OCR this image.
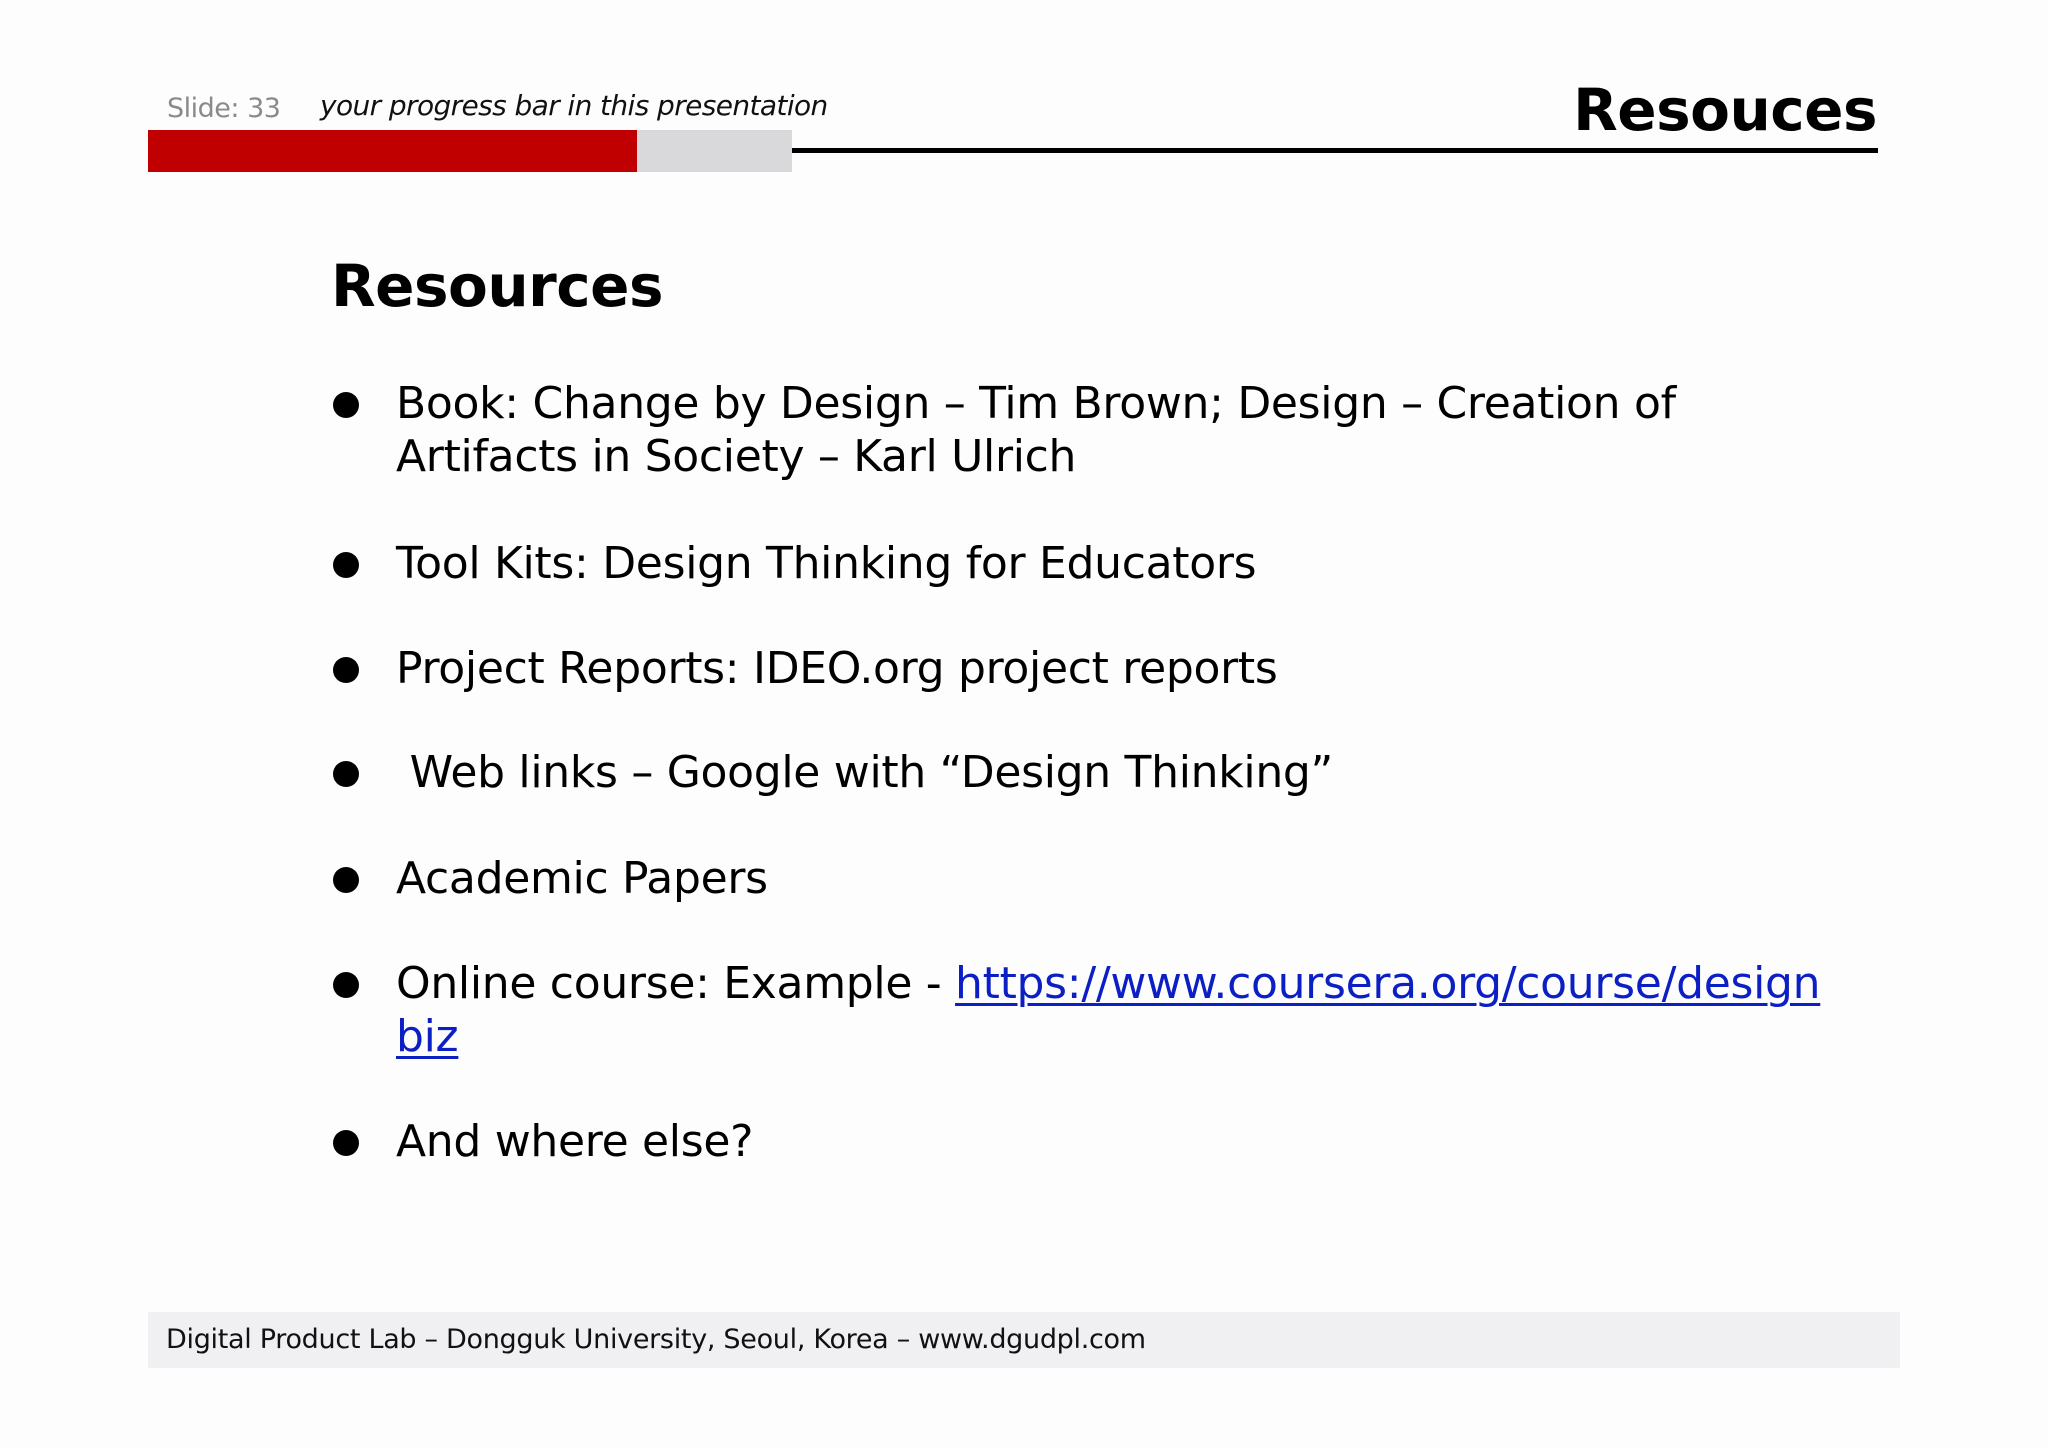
Slide: 33 your progress bar in this presentation	Resouces
Resources
Book: Change by Design – Tim Brown; Design – Creation of Artifacts in Society – Karl Ulrich
Tool Kits: Design Thinking for Educators
Project Reports: IDEO.org project reports
Web links – Google with “Design Thinking”
Academic Papers
Online course: Example - https://www.coursera.org/course/designbiz
And where else?
Digital Product Lab – Dongguk University, Seoul, Korea – www.dgudpl.com
